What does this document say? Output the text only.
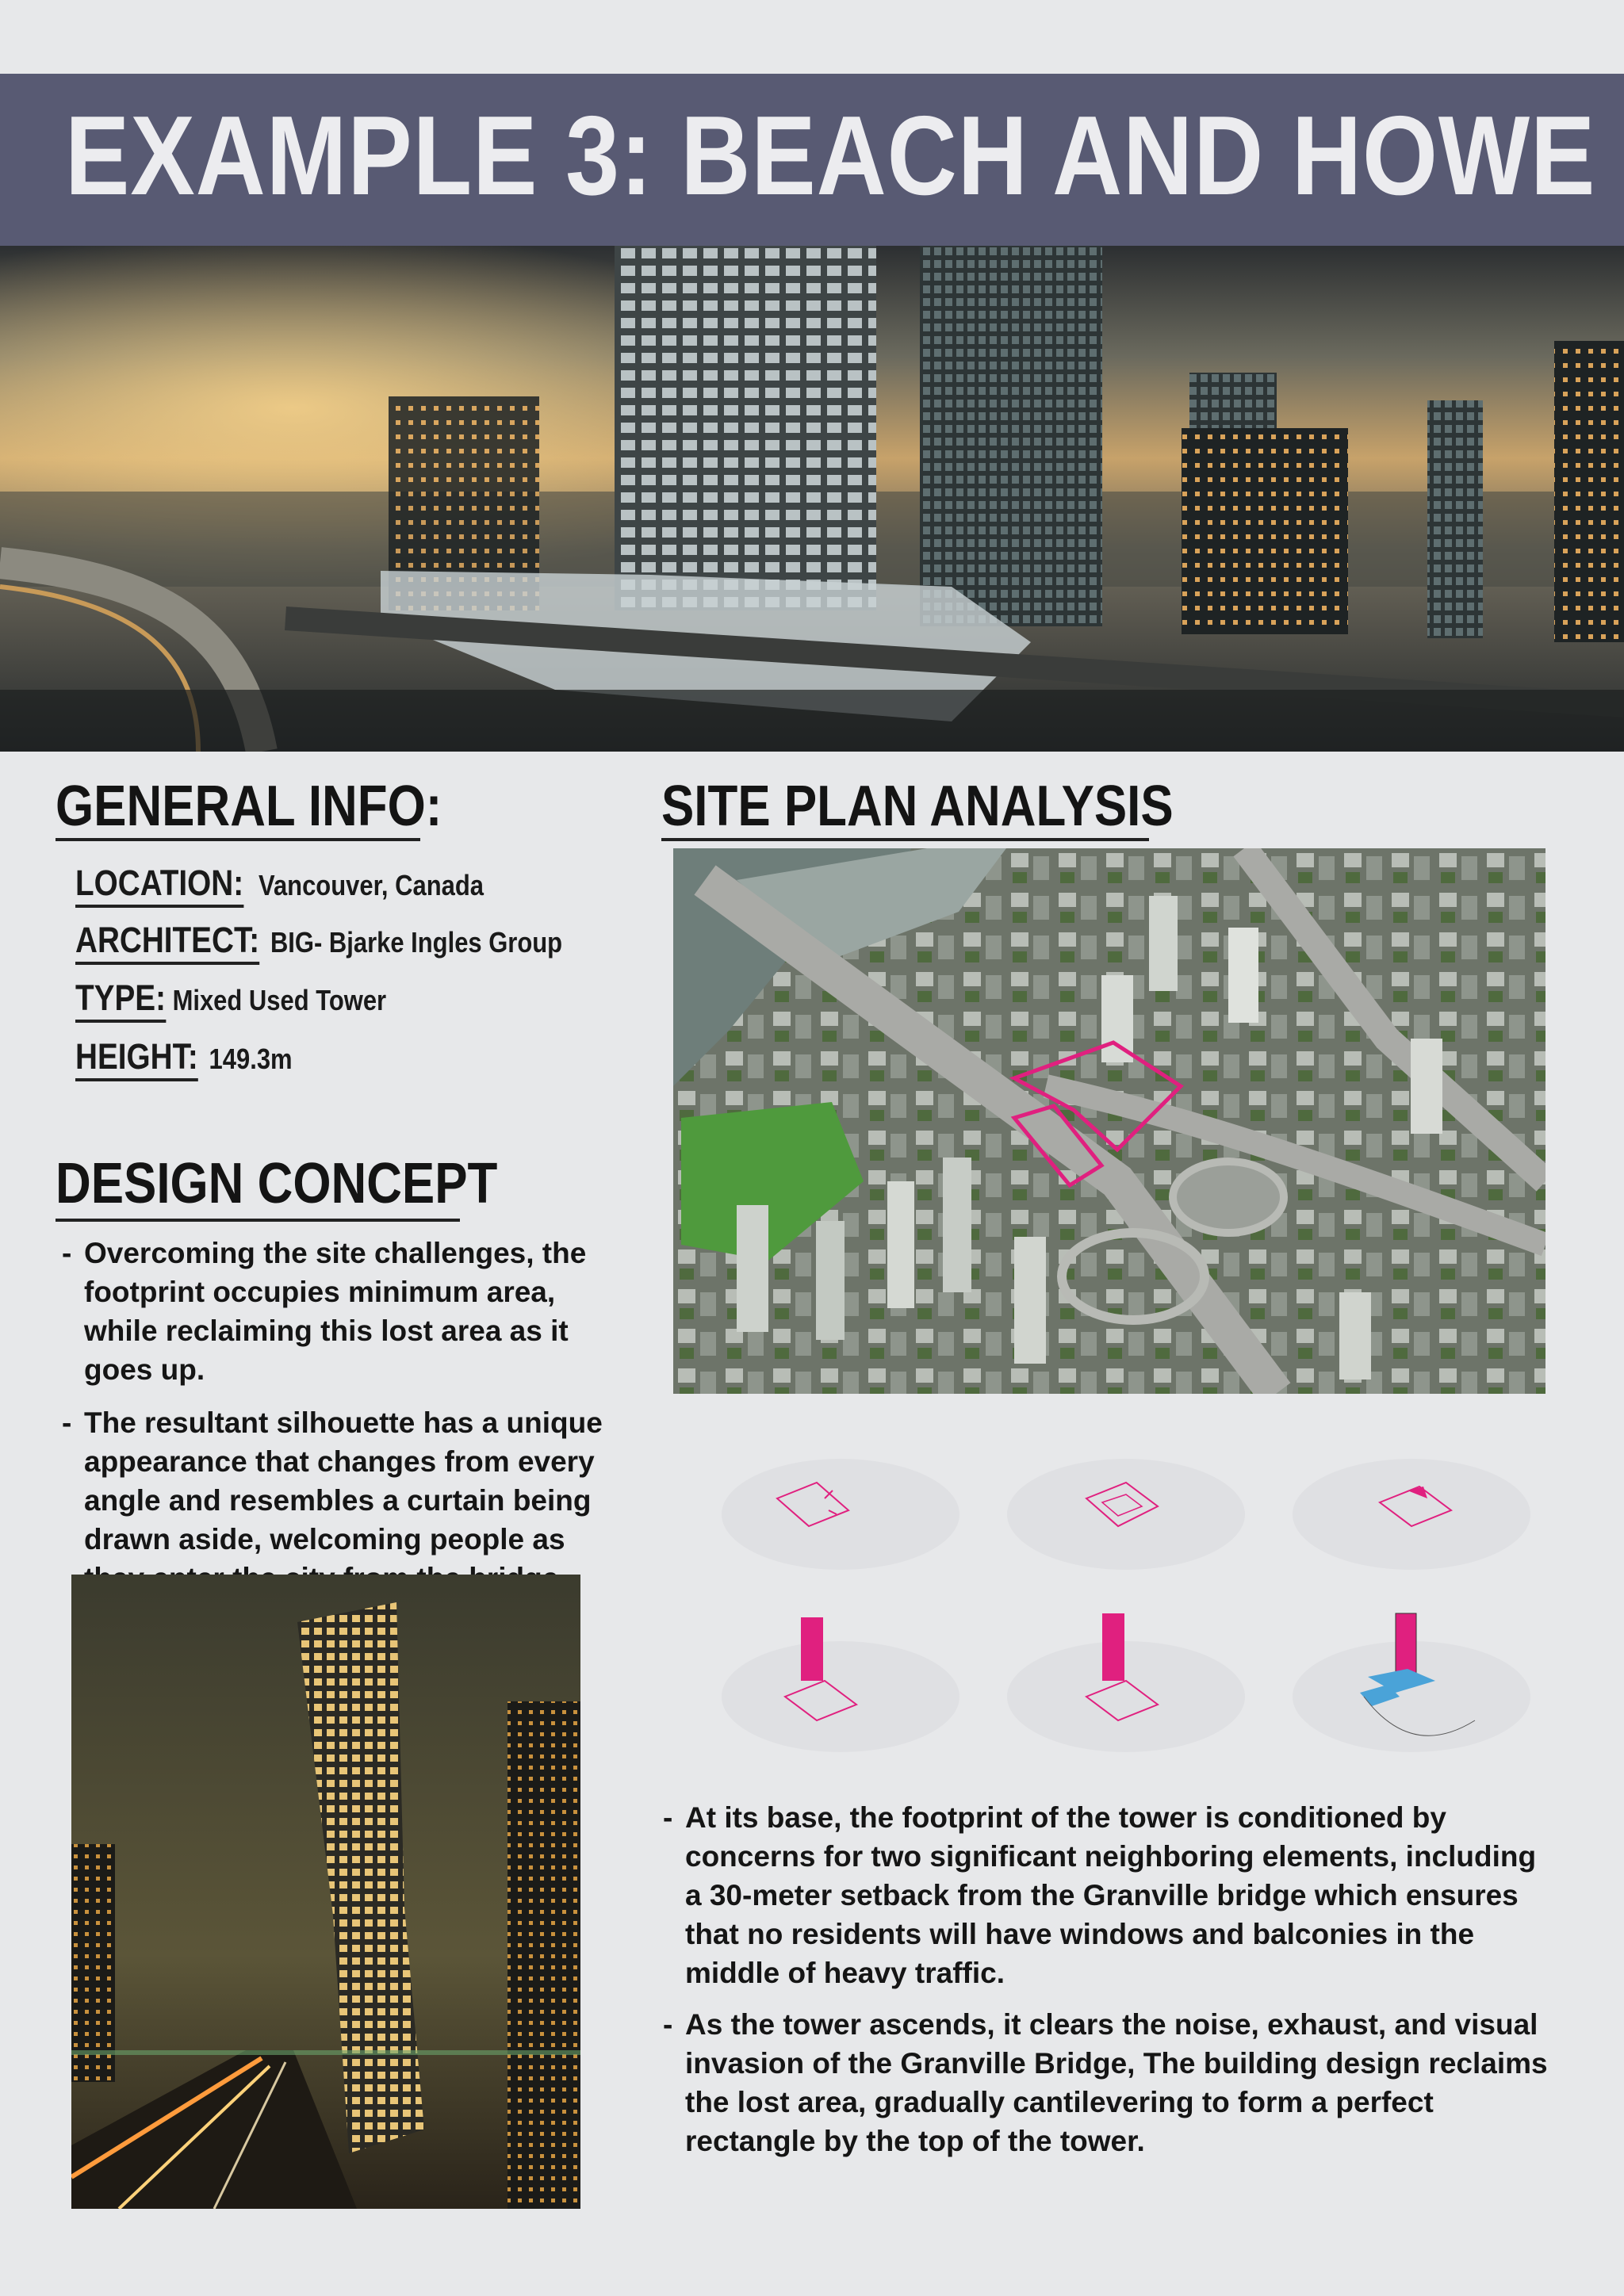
EXAMPLE 3: BEACH AND HOWE
GENERAL INFO:
LOCATION: Vancouver, Canada
ARCHITECT: BIG- Bjarke Ingles Group
TYPE: Mixed Used Tower
HEIGHT: 149.3m
DESIGN CONCEPT
- Overcoming the site challenges, the footprint occupies minimum area, while reclaiming this lost area as it goes up.
- The resultant silhouette has a unique appearance that changes from every angle and resembles a curtain being drawn aside, welcoming people as
SITE PLAN ANALYSIS
- At its base, the footprint of the tower is conditioned by concerns for two significant neighboring elements, including a 30-meter setback from the Granville bridge which ensures that no residents will have windows and balconies in the middle of heavy traffic.
- As the tower ascends, it clears the noise, exhaust, and visual invasion of the Granville Bridge, The building design reclaims the lost area, gradually cantilevering to form a perfect rectangle by the top of the tower.
